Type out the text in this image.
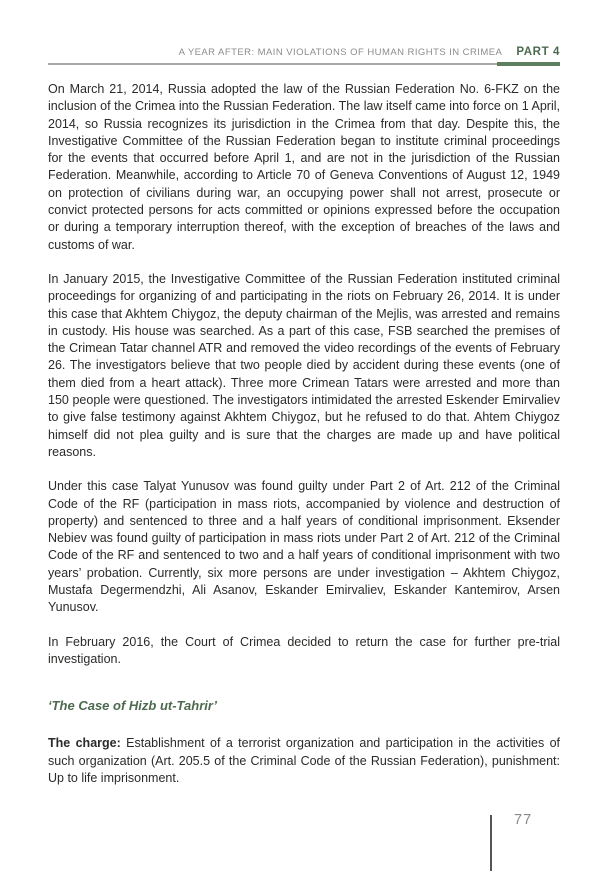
A YEAR AFTER: MAIN VIOLATIONS OF HUMAN RIGHTS IN CRIMEA PART 4

On March 21, 2014, Russia adopted the law of the Russian Federation No. 6-FKZ on the inclusion of the Crimea into the Russian Federation. The law itself came into force on 1 April, 2014, so Russia recognizes its jurisdiction in the Crimea from that day. Despite this, the Investigative Committee of the Russian Federation began to institute criminal proceedings for the events that occurred before April 1, and are not in the jurisdiction of the Russian Federation. Meanwhile, according to Article 70 of Geneva Conventions of August 12, 1949 on protection of civilians during war, an occupying power shall not arrest, prosecute or convict protected persons for acts committed or opinions expressed before the occupation or during a temporary interruption thereof, with the exception of breaches of the laws and customs of war.

In January 2015, the Investigative Committee of the Russian Federation instituted criminal proceedings for organizing of and participating in the riots on February 26, 2014. It is under this case that Akhtem Chiygoz, the deputy chairman of the Mejlis, was arrested and remains in custody. His house was searched. As a part of this case, FSB searched the premises of the Crimean Tatar channel ATR and removed the video recordings of the events of February 26. The investigators believe that two people died by accident during these events (one of them died from a heart attack). Three more Crimean Tatars were arrested and more than 150 people were questioned. The investigators intimidated the arrested Eskender Emirvaliev to give false testimony against Akhtem Chiygoz, but he refused to do that. Ahtem Chiygoz himself did not plea guilty and is sure that the charges are made up and have political reasons.

Under this case Talyat Yunusov was found guilty under Part 2 of Art. 212 of the Criminal Code of the RF (participation in mass riots, accompanied by violence and destruction of property) and sentenced to three and a half years of conditional imprisonment. Eksender Nebiev was found guilty of participation in mass riots under Part 2 of Art. 212 of the Criminal Code of the RF and sentenced to two and a half years of conditional imprisonment with two years’ probation. Currently, six more persons are under investigation – Akhtem Chiygoz, Mustafa Degermendzhi, Ali Asanov, Eskander Emirvaliev, Eskander Kantemirov, Arsen Yunusov.

In February 2016, the Court of Crimea decided to return the case for further pre-trial investigation.

‘The Case of Hizb ut-Tahrir’

The charge: Establishment of a terrorist organization and participation in the activities of such organization (Art. 205.5 of the Criminal Code of the Russian Federation), punishment: Up to life imprisonment.

77
